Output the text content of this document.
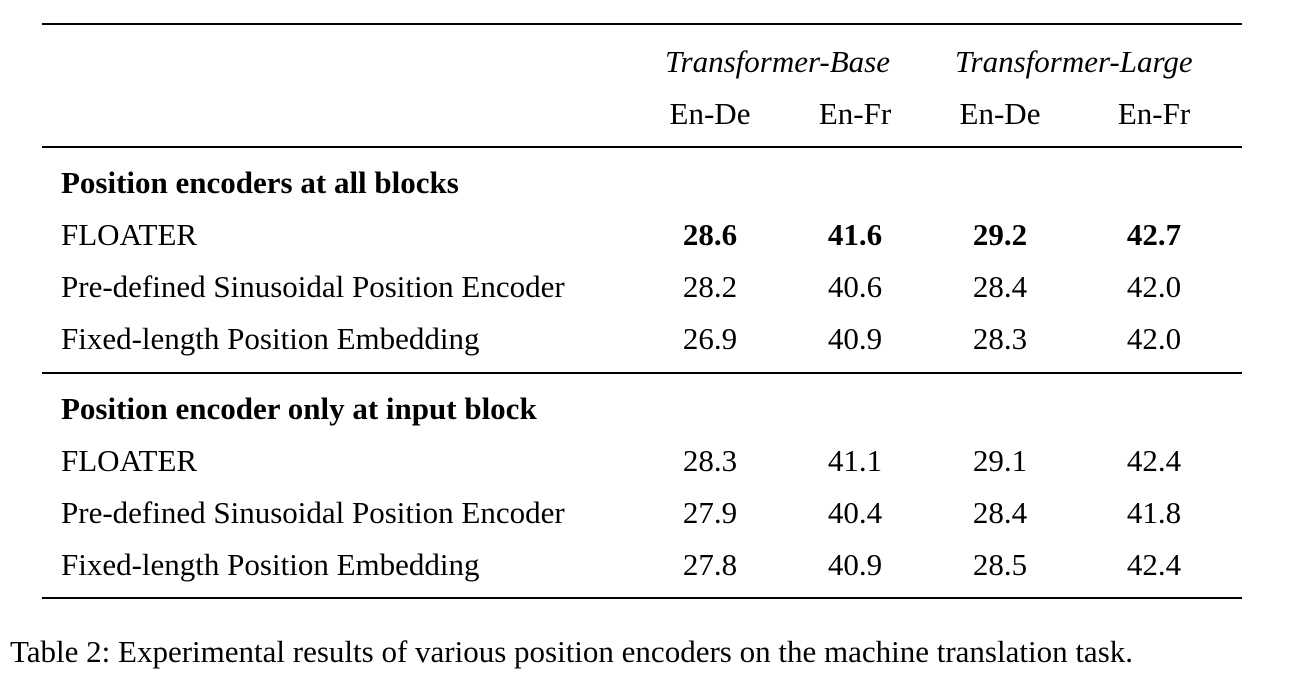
Transformer-Base Transformer-Large
En-De	En-Fr	En-De	En-Fr
Position encoders at all blocks
FLOATER	28.6	41.6	29.2	42.7
Pre-defined Sinusoidal Position Encoder	28.2	40.6	28.4	42.0
Fixed-length Position Embedding	26.9	40.9	28.3	42.0
Position encoder only at input block
FLOATER	28.3	41.1	29.1	42.4
Pre-defined Sinusoidal Position Encoder	27.9	40.4	28.4	41.8
Fixed-length Position Embedding	27.8	40.9	28.5	42.4
Table 2: Experimental results of various position encoders on the machine translation task.
